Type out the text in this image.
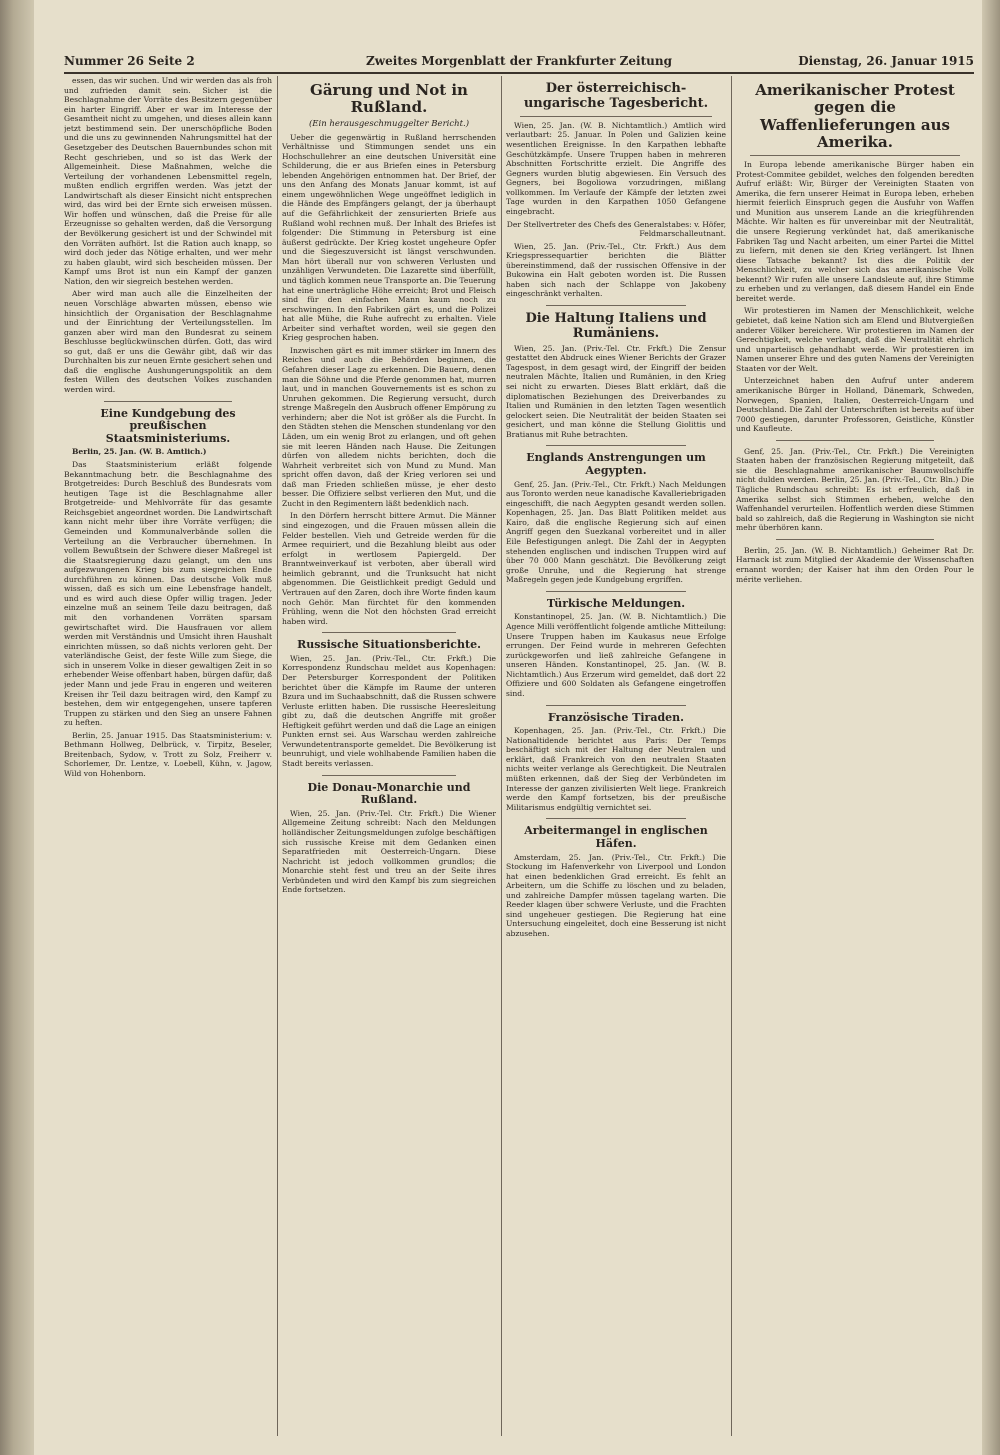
Nummer 26 Seite 2	Zweites Morgenblatt der Frankfurter Zeitung	Dienstag, 26. Januar 1915

essen, das wir suchen. Und wir werden das als froh und zufrieden damit sein. Sicher ist die Beschlagnahme der Vorräte des Besitzern gegenüber ein harter Eingriff. Aber er war im Interesse der Gesamtheit nicht zu umgehen, und dieses allein kann jetzt bestimmend sein. Der unerschöpfliche Boden und die uns zu gewinnenden Nahrungsmittel hat der Gesetzgeber des Deutschen Bauernbundes schon mit Recht geschrieben, und so ist das Werk der Allgemeinheit. Diese Maßnahmen, welche die Verteilung der vorhandenen Lebensmittel regeln, mußten endlich ergriffen werden. Was jetzt der Landwirtschaft als dieser Einsicht nicht entsprechen wird, das wird bei der Ernte sich erweisen müssen. Wir hoffen und wünschen, daß die Preise für alle Erzeugnisse so gehalten werden, daß die Versorgung der Bevölkerung gesichert ist und der Schwindel mit den Vorräten aufhört. Ist die Ration auch knapp, so wird doch jeder das Nötige erhalten, und wer mehr zu haben glaubt, wird sich bescheiden müssen. Der Kampf ums Brot ist nun ein Kampf der ganzen Nation, den wir siegreich bestehen werden.

Aber wird man auch alle die Einzelheiten der neuen Vorschläge abwarten müssen, ebenso wie hinsichtlich der Organisation der Beschlagnahme und der Einrichtung der Verteilungsstellen. Im ganzen aber wird man den Bundesrat zu seinem Beschlusse beglückwünschen dürfen. Gott, das wird so gut, daß er uns die Gewähr gibt, daß wir das Durchhalten bis zur neuen Ernte gesichert sehen und daß die englische Aushungerungspolitik an dem festen Willen des deutschen Volkes zuschanden werden wird.

Eine Kundgebung des preußischen Staatsministeriums.

Berlin, 25. Jan. (W. B. Amtlich.)

Das Staatsministerium erläßt folgende Bekanntmachung betr. die Beschlagnahme des Brotgetreides: Durch Beschluß des Bundesrats vom heutigen Tage ist die Beschlagnahme aller Brotgetreide- und Mehlvorräte für das gesamte Reichsgebiet angeordnet worden. Die Landwirtschaft kann nicht mehr über ihre Vorräte verfügen; die Gemeinden und Kommunalverbände sollen die Verteilung an die Verbraucher übernehmen. In vollem Bewußtsein der Schwere dieser Maßregel ist die Staatsregierung dazu gelangt, um den uns aufgezwungenen Krieg bis zum siegreichen Ende durchführen zu können. Das deutsche Volk muß wissen, daß es sich um eine Lebensfrage handelt, und es wird auch diese Opfer willig tragen. Jeder einzelne muß an seinem Teile dazu beitragen, daß mit den vorhandenen Vorräten sparsam gewirtschaftet wird. Die Hausfrauen vor allem werden mit Verständnis und Umsicht ihren Haushalt einrichten müssen, so daß nichts verloren geht. Der vaterländische Geist, der feste Wille zum Siege, die sich in unserem Volke in dieser gewaltigen Zeit in so erhebender Weise offenbart haben, bürgen dafür, daß jeder Mann und jede Frau in engeren und weiteren Kreisen ihr Teil dazu beitragen wird, den Kampf zu bestehen, dem wir entgegengehen, unsere tapferen Truppen zu stärken und den Sieg an unsere Fahnen zu heften.

Berlin, 25. Januar 1915. Das Staatsministerium: v. Bethmann Hollweg, Delbrück, v. Tirpitz, Beseler, Breitenbach, Sydow, v. Trott zu Solz, Freiherr v. Schorlemer, Dr. Lentze, v. Loebell, Kühn, v. Jagow, Wild von Hohenborn.

Gärung und Not in Rußland.
(Ein herausgeschmuggelter Bericht.)

Ueber die gegenwärtig in Rußland herrschenden Verhältnisse und Stimmungen sendet uns ein Hochschullehrer an eine deutschen Universität eine Schilderung, die er aus Briefen eines in Petersburg lebenden Angehörigen entnommen hat. Der Brief, der uns den Anfang des Monats Januar kommt, ist auf einem ungewöhnlichen Wege ungeöffnet lediglich in die Hände des Empfängers gelangt, der ja überhaupt auf die Gefährlichkeit der zensurierten Briefe aus Rußland wohl rechnen muß. Der Inhalt des Briefes ist folgender: Die Stimmung in Petersburg ist eine äußerst gedrückte. Der Krieg kostet ungeheure Opfer und die Siegeszuversicht ist längst verschwunden. Man hört überall nur von schweren Verlusten und unzähligen Verwundeten. Die Lazarette sind überfüllt, und täglich kommen neue Transporte an. Die Teuerung hat eine unerträgliche Höhe erreicht; Brot und Fleisch sind für den einfachen Mann kaum noch zu erschwingen. In den Fabriken gärt es, und die Polizei hat alle Mühe, die Ruhe aufrecht zu erhalten. Viele Arbeiter sind verhaftet worden, weil sie gegen den Krieg gesprochen haben.

Inzwischen gärt es mit immer stärker im Innern des Reiches und auch die Behörden beginnen, die Gefahren dieser Lage zu erkennen. Die Bauern, denen man die Söhne und die Pferde genommen hat, murren laut, und in manchen Gouvernements ist es schon zu Unruhen gekommen. Die Regierung versucht, durch strenge Maßregeln den Ausbruch offener Empörung zu verhindern; aber die Not ist größer als die Furcht. In den Städten stehen die Menschen stundenlang vor den Läden, um ein wenig Brot zu erlangen, und oft gehen sie mit leeren Händen nach Hause. Die Zeitungen dürfen von alledem nichts berichten, doch die Wahrheit verbreitet sich von Mund zu Mund. Man spricht offen davon, daß der Krieg verloren sei und daß man Frieden schließen müsse, je eher desto besser. Die Offiziere selbst verlieren den Mut, und die Zucht in den Regimentern läßt bedenklich nach.

In den Dörfern herrscht bittere Armut. Die Männer sind eingezogen, und die Frauen müssen allein die Felder bestellen. Vieh und Getreide werden für die Armee requiriert, und die Bezahlung bleibt aus oder erfolgt in wertlosem Papiergeld. Der Branntweinverkauf ist verboten, aber überall wird heimlich gebrannt, und die Trunksucht hat nicht abgenommen. Die Geistlichkeit predigt Geduld und Vertrauen auf den Zaren, doch ihre Worte finden kaum noch Gehör. Man fürchtet für den kommenden Frühling, wenn die Not den höchsten Grad erreicht haben wird.

Russische Situationsberichte.

Wien, 25. Jan. (Priv.-Tel., Ctr. Frkft.) Die Korrespondenz Rundschau meldet aus Kopenhagen: Der Petersburger Korrespondent der Politiken berichtet über die Kämpfe im Raume der unteren Bzura und im Suchaabschnitt, daß die Russen schwere Verluste erlitten haben. Die russische Heeresleitung gibt zu, daß die deutschen Angriffe mit großer Heftigkeit geführt werden und daß die Lage an einigen Punkten ernst sei. Aus Warschau werden zahlreiche Verwundetentransporte gemeldet. Die Bevölkerung ist beunruhigt, und viele wohlhabende Familien haben die Stadt bereits verlassen.

Die Donau-Monarchie und Rußland.

Wien, 25. Jan. (Priv.-Tel. Ctr. Frkft.) Die Wiener Allgemeine Zeitung schreibt: Nach den Meldungen holländischer Zeitungsmeldungen zufolge beschäftigen sich russische Kreise mit dem Gedanken einen Separatfrieden mit Oesterreich-Ungarn. Diese Nachricht ist jedoch vollkommen grundlos; die Monarchie steht fest und treu an der Seite ihres Verbündeten und wird den Kampf bis zum siegreichen Ende fortsetzen.

Der österreichisch-ungarische Tagesbericht.

Wien, 25. Jan. (W. B. Nichtamtlich.) Amtlich wird verlautbart: 25. Januar. In Polen und Galizien keine wesentlichen Ereignisse. In den Karpathen lebhafte Geschützkämpfe. Unsere Truppen haben in mehreren Abschnitten Fortschritte erzielt. Die Angriffe des Gegners wurden blutig abgewiesen. Ein Versuch des Gegners, bei Bogoliowa vorzudringen, mißlang vollkommen. Im Verlaufe der Kämpfe der letzten zwei Tage wurden in den Karpathen 1050 Gefangene eingebracht.

Der Stellvertreter des Chefs des Generalstabes: v. Höfer, Feldmarschalleutnant.

Wien, 25. Jan. (Priv.-Tel., Ctr. Frkft.) Aus dem Kriegspressequartier berichten die Blätter übereinstimmend, daß der russischen Offensive in der Bukowina ein Halt geboten worden ist. Die Russen haben sich nach der Schlappe von Jakobeny eingeschränkt verhalten.

Die Haltung Italiens und Rumäniens.

Wien, 25. Jan. (Priv.-Tel. Ctr. Frkft.) Die Zensur gestattet den Abdruck eines Wiener Berichts der Grazer Tagespost, in dem gesagt wird, der Eingriff der beiden neutralen Mächte, Italien und Rumänien, in den Krieg sei nicht zu erwarten. Dieses Blatt erklärt, daß die diplomatischen Beziehungen des Dreiverbandes zu Italien und Rumänien in den letzten Tagen wesentlich gelockert seien. Die Neutralität der beiden Staaten sei gesichert, und man könne die Stellung Giolittis und Bratianus mit Ruhe betrachten.

Englands Anstrengungen um Aegypten.

Genf, 25. Jan. (Priv.-Tel., Ctr. Frkft.) Nach Meldungen aus Toronto werden neue kanadische Kavalleriebrigaden eingeschifft, die nach Aegypten gesandt werden sollen. Kopenhagen, 25. Jan. Das Blatt Politiken meldet aus Kairo, daß die englische Regierung sich auf einen Angriff gegen den Suezkanal vorbereitet und in aller Eile Befestigungen anlegt. Die Zahl der in Aegypten stehenden englischen und indischen Truppen wird auf über 70 000 Mann geschätzt. Die Bevölkerung zeigt große Unruhe, und die Regierung hat strenge Maßregeln gegen jede Kundgebung ergriffen.

Türkische Meldungen.

Konstantinopel, 25. Jan. (W. B. Nichtamtlich.) Die Agence Milli veröffentlicht folgende amtliche Mitteilung: Unsere Truppen haben im Kaukasus neue Erfolge errungen. Der Feind wurde in mehreren Gefechten zurückgeworfen und ließ zahlreiche Gefangene in unseren Händen. Konstantinopel, 25. Jan. (W. B. Nichtamtlich.) Aus Erzerum wird gemeldet, daß dort 22 Offiziere und 600 Soldaten als Gefangene eingetroffen sind.

Französische Tiraden.

Kopenhagen, 25. Jan. (Priv.-Tel., Ctr. Frkft.) Die Nationaltidende berichtet aus Paris: Der Temps beschäftigt sich mit der Haltung der Neutralen und erklärt, daß Frankreich von den neutralen Staaten nichts weiter verlange als Gerechtigkeit. Die Neutralen müßten erkennen, daß der Sieg der Verbündeten im Interesse der ganzen zivilisierten Welt liege. Frankreich werde den Kampf fortsetzen, bis der preußische Militarismus endgültig vernichtet sei.

Arbeitermangel in englischen Häfen.

Amsterdam, 25. Jan. (Priv.-Tel., Ctr. Frkft.) Die Stockung im Hafenverkehr von Liverpool und London hat einen bedenklichen Grad erreicht. Es fehlt an Arbeitern, um die Schiffe zu löschen und zu beladen, und zahlreiche Dampfer müssen tagelang warten. Die Reeder klagen über schwere Verluste, und die Frachten sind ungeheuer gestiegen. Die Regierung hat eine Untersuchung eingeleitet, doch eine Besserung ist nicht abzusehen.

Amerikanischer Protest gegen die Waffenlieferungen aus Amerika.

In Europa lebende amerikanische Bürger haben ein Protest-Commitee gebildet, welches den folgenden beredten Aufruf erläßt: Wir, Bürger der Vereinigten Staaten von Amerika, die fern unserer Heimat in Europa leben, erheben hiermit feierlich Einspruch gegen die Ausfuhr von Waffen und Munition aus unserem Lande an die kriegführenden Mächte. Wir halten es für unvereinbar mit der Neutralität, die unsere Regierung verkündet hat, daß amerikanische Fabriken Tag und Nacht arbeiten, um einer Partei die Mittel zu liefern, mit denen sie den Krieg verlängert. Ist Ihnen diese Tatsache bekannt? Ist dies die Politik der Menschlichkeit, zu welcher sich das amerikanische Volk bekennt? Wir rufen alle unsere Landsleute auf, ihre Stimme zu erheben und zu verlangen, daß diesem Handel ein Ende bereitet werde.

Wir protestieren im Namen der Menschlichkeit, welche gebietet, daß keine Nation sich am Elend und Blutvergießen anderer Völker bereichere. Wir protestieren im Namen der Gerechtigkeit, welche verlangt, daß die Neutralität ehrlich und unparteiisch gehandhabt werde. Wir protestieren im Namen unserer Ehre und des guten Namens der Vereinigten Staaten vor der Welt.

Unterzeichnet haben den Aufruf unter anderem amerikanische Bürger in Holland, Dänemark, Schweden, Norwegen, Spanien, Italien, Oesterreich-Ungarn und Deutschland. Die Zahl der Unterschriften ist bereits auf über 7000 gestiegen, darunter Professoren, Geistliche, Künstler und Kaufleute.

Genf, 25. Jan. (Priv.-Tel., Ctr. Frkft.) Die Vereinigten Staaten haben der französischen Regierung mitgeteilt, daß sie die Beschlagnahme amerikanischer Baumwollschiffe nicht dulden werden. Berlin, 25. Jan. (Priv.-Tel., Ctr. Bln.) Die Tägliche Rundschau schreibt: Es ist erfreulich, daß in Amerika selbst sich Stimmen erheben, welche den Waffenhandel verurteilen. Hoffentlich werden diese Stimmen bald so zahlreich, daß die Regierung in Washington sie nicht mehr überhören kann.

Berlin, 25. Jan. (W. B. Nichtamtlich.) Geheimer Rat Dr. Harnack ist zum Mitglied der Akademie der Wissenschaften ernannt worden; der Kaiser hat ihm den Orden Pour le mérite verliehen.
